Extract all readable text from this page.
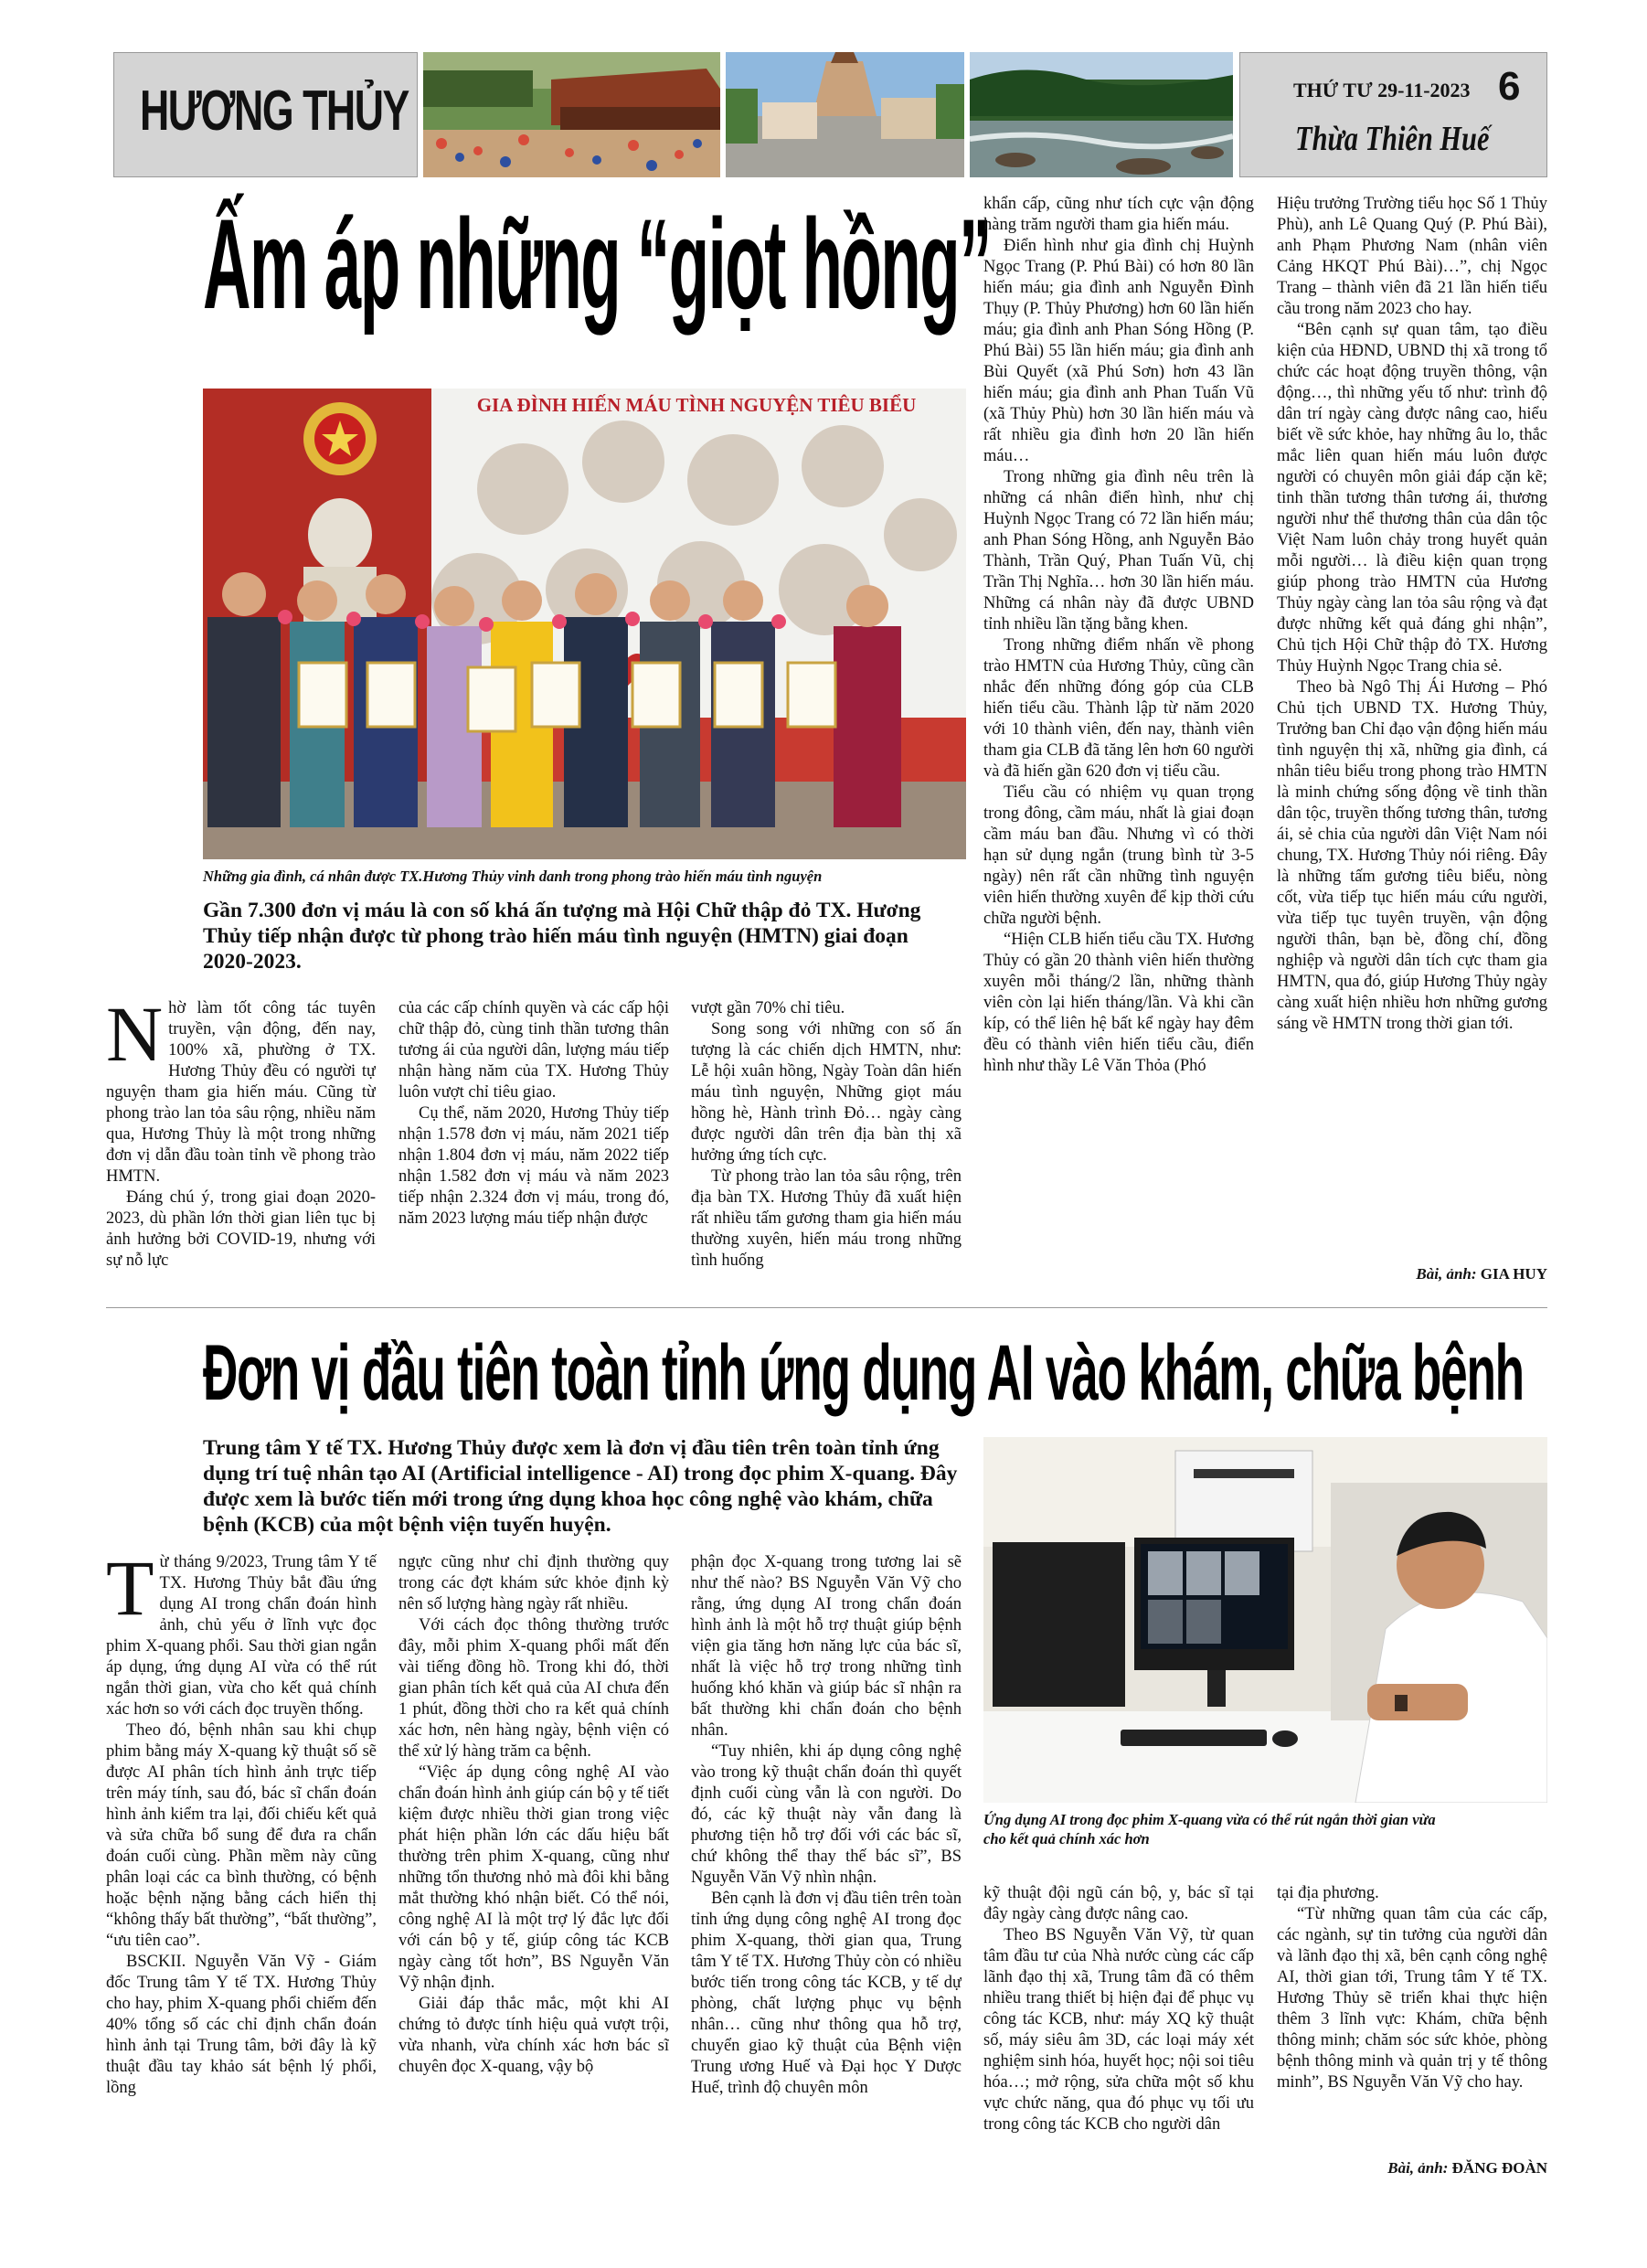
HƯƠNG THỦY	THỨ TƯ 29-11-2023 6
Thừa Thiên Huế
Ấm áp những “giọt hồng”
GIA ĐÌNH HIẾN MÁU TÌNH NGUYỆN TIÊU BIỂU
Những gia đình, cá nhân được TX.Hương Thủy vinh danh trong phong trào hiến máu tình nguyện
Gần 7.300 đơn vị máu là con số khá ấn tượng mà Hội Chữ thập đỏ TX. Hương Thủy tiếp nhận được từ phong trào hiến máu tình nguyện (HMTN) giai đoạn 2020-2023.
N hờ làm tốt công tác tuyên truyền, vận động, đến nay, 100% xã, phường ở TX. Hương Thủy đều có người tự nguyện tham gia hiến máu. Cũng từ phong trào lan tỏa sâu rộng, nhiều năm qua, Hương Thủy là một trong những đơn vị dẫn đầu toàn tỉnh về phong trào HMTN.

Đáng chú ý, trong giai đoạn 2020-2023, dù phần lớn thời gian liên tục bị ảnh hưởng bởi COVID-19, nhưng với sự nỗ lực

của các cấp chính quyền và các cấp hội chữ thập đỏ, cùng tinh thần tương thân tương ái của người dân, lượng máu tiếp nhận hàng năm của TX. Hương Thủy luôn vượt chỉ tiêu giao.

Cụ thể, năm 2020, Hương Thủy tiếp nhận 1.578 đơn vị máu, năm 2021 tiếp nhận 1.804 đơn vị máu, năm 2022 tiếp nhận 1.582 đơn vị máu và năm 2023 tiếp nhận 2.324 đơn vị máu, trong đó, năm 2023 lượng máu tiếp nhận được

vượt gần 70% chỉ tiêu.

Song song với những con số ấn tượng là các chiến dịch HMTN, như: Lễ hội xuân hồng, Ngày Toàn dân hiến máu tình nguyện, Những giọt máu hồng hè, Hành trình Đỏ… ngày càng được người dân trên địa bàn thị xã hưởng ứng tích cực.

Từ phong trào lan tỏa sâu rộng, trên địa bàn TX. Hương Thủy đã xuất hiện rất nhiều tấm gương tham gia hiến máu thường xuyên, hiến máu trong những tình huống

khẩn cấp, cũng như tích cực vận động hàng trăm người tham gia hiến máu.

Điển hình như gia đình chị Huỳnh Ngọc Trang (P. Phú Bài) có hơn 80 lần hiến máu; gia đình anh Nguyễn Đình Thụy (P. Thủy Phương) hơn 60 lần hiến máu; gia đình anh Phan Sóng Hồng (P. Phú Bài) 55 lần hiến máu; gia đình anh Bùi Quyết (xã Phú Sơn) hơn 43 lần hiến máu; gia đình anh Phan Tuấn Vũ (xã Thủy Phù) hơn 30 lần hiến máu và rất nhiều gia đình hơn 20 lần hiến máu…

Trong những gia đình nêu trên là những cá nhân điển hình, như chị Huỳnh Ngọc Trang có 72 lần hiến máu; anh Phan Sóng Hồng, anh Nguyễn Bảo Thành, Trần Quý, Phan Tuấn Vũ, chị Trần Thị Nghĩa… hơn 30 lần hiến máu. Những cá nhân này đã được UBND tỉnh nhiều lần tặng bằng khen.

Trong những điểm nhấn về phong trào HMTN của Hương Thủy, cũng cần nhắc đến những đóng góp của CLB hiến tiểu cầu. Thành lập từ năm 2020 với 10 thành viên, đến nay, thành viên tham gia CLB đã tăng lên hơn 60 người và đã hiến gần 620 đơn vị tiểu cầu.

Tiểu cầu có nhiệm vụ quan trọng trong đông, cầm máu, nhất là giai đoạn cầm máu ban đầu. Nhưng vì có thời hạn sử dụng ngắn (trung bình từ 3-5 ngày) nên rất cần những tình nguyện viên hiến thường xuyên để kịp thời cứu chữa người bệnh.

“Hiện CLB hiến tiểu cầu TX. Hương Thủy có gần 20 thành viên hiến thường xuyên mỗi tháng/2 lần, những thành viên còn lại hiến tháng/lần. Và khi cần kíp, có thể liên hệ bất kể ngày hay đêm đều có thành viên hiến tiểu cầu, điển hình như thầy Lê Văn Thỏa (Phó

Hiệu trưởng Trường tiểu học Số 1 Thủy Phù), anh Lê Quang Quý (P. Phú Bài), anh Phạm Phương Nam (nhân viên Cảng HKQT Phú Bài)…”, chị Ngọc Trang – thành viên đã 21 lần hiến tiểu cầu trong năm 2023 cho hay.

“Bên cạnh sự quan tâm, tạo điều kiện của HĐND, UBND thị xã trong tổ chức các hoạt động truyền thông, vận động…, thì những yếu tố như: trình độ dân trí ngày càng được nâng cao, hiểu biết về sức khỏe, hay những âu lo, thắc mắc liên quan hiến máu luôn được người có chuyên môn giải đáp cặn kẽ; tinh thần tương thân tương ái, thương người như thể thương thân của dân tộc Việt Nam luôn chảy trong huyết quản mỗi người… là điều kiện quan trọng giúp phong trào HMTN của Hương Thủy ngày càng lan tỏa sâu rộng và đạt được những kết quả đáng ghi nhận”, Chủ tịch Hội Chữ thập đỏ TX. Hương Thủy Huỳnh Ngọc Trang chia sẻ.

Theo bà Ngô Thị Ái Hương – Phó Chủ tịch UBND TX. Hương Thủy, Trưởng ban Chỉ đạo vận động hiến máu tình nguyện thị xã, những gia đình, cá nhân tiêu biểu trong phong trào HMTN là minh chứng sống động về tinh thần dân tộc, truyền thống tương thân, tương ái, sẻ chia của người dân Việt Nam nói chung, TX. Hương Thủy nói riêng. Đây là những tấm gương tiêu biểu, nòng cốt, vừa tiếp tục hiến máu cứu người, vừa tiếp tục tuyên truyền, vận động người thân, bạn bè, đồng chí, đồng nghiệp và người dân tích cực tham gia HMTN, qua đó, giúp Hương Thủy ngày càng xuất hiện nhiều hơn những gương sáng về HMTN trong thời gian tới.

Bài, ảnh: GIA HUY
Đơn vị đầu tiên toàn tỉnh ứng dụng AI vào khám, chữa bệnh
Trung tâm Y tế TX. Hương Thủy được xem là đơn vị đầu tiên trên toàn tỉnh ứng dụng trí tuệ nhân tạo AI (Artificial intelligence - AI) trong đọc phim X-quang. Đây được xem là bước tiến mới trong ứng dụng khoa học công nghệ vào khám, chữa bệnh (KCB) của một bệnh viện tuyến huyện.
Ứng dụng AI trong đọc phim X-quang vừa có thể rút ngắn thời gian vừa cho kết quả chính xác hơn
T ừ tháng 9/2023, Trung tâm Y tế TX. Hương Thủy bắt đầu ứng dụng AI trong chẩn đoán hình ảnh, chủ yếu ở lĩnh vực đọc phim X-quang phổi. Sau thời gian ngắn áp dụng, ứng dụng AI vừa có thể rút ngắn thời gian, vừa cho kết quả chính xác hơn so với cách đọc truyền thống.

Theo đó, bệnh nhân sau khi chụp phim bằng máy X-quang kỹ thuật số sẽ được AI phân tích hình ảnh trực tiếp trên máy tính, sau đó, bác sĩ chẩn đoán hình ảnh kiểm tra lại, đối chiếu kết quả và sửa chữa bổ sung để đưa ra chẩn đoán cuối cùng. Phần mềm này cũng phân loại các ca bình thường, có bệnh hoặc bệnh nặng bằng cách hiển thị “không thấy bất thường”, “bất thường”, “ưu tiên cao”.

BSCKII. Nguyễn Văn Vỹ - Giám đốc Trung tâm Y tế TX. Hương Thủy cho hay, phim X-quang phổi chiếm đến 40% tổng số các chỉ định chẩn đoán hình ảnh tại Trung tâm, bởi đây là kỹ thuật đầu tay khảo sát bệnh lý phổi, lồng

ngực cũng như chỉ định thường quy trong các đợt khám sức khỏe định kỳ nên số lượng hàng ngày rất nhiều.

Với cách đọc thông thường trước đây, mỗi phim X-quang phổi mất đến vài tiếng đồng hồ. Trong khi đó, thời gian phân tích kết quả của AI chưa đến 1 phút, đồng thời cho ra kết quả chính xác hơn, nên hàng ngày, bệnh viện có thể xử lý hàng trăm ca bệnh.

“Việc áp dụng công nghệ AI vào chẩn đoán hình ảnh giúp cán bộ y tế tiết kiệm được nhiều thời gian trong việc phát hiện phần lớn các dấu hiệu bất thường trên phim X-quang, cũng như những tổn thương nhỏ mà đôi khi bằng mắt thường khó nhận biết. Có thể nói, công nghệ AI là một trợ lý đắc lực đối với cán bộ y tế, giúp công tác KCB ngày càng tốt hơn”, BS Nguyễn Văn Vỹ nhận định.

Giải đáp thắc mắc, một khi AI chứng tỏ được tính hiệu quả vượt trội, vừa nhanh, vừa chính xác hơn bác sĩ chuyên đọc X-quang, vậy bộ

phận đọc X-quang trong tương lai sẽ như thế nào? BS Nguyễn Văn Vỹ cho rằng, ứng dụng AI trong chẩn đoán hình ảnh là một hỗ trợ thuật giúp bệnh viện gia tăng hơn năng lực của bác sĩ, nhất là việc hỗ trợ trong những tình huống khó khăn và giúp bác sĩ nhận ra bất thường khi chẩn đoán cho bệnh nhân.

“Tuy nhiên, khi áp dụng công nghệ vào trong kỹ thuật chẩn đoán thì quyết định cuối cùng vẫn là con người. Do đó, các kỹ thuật này vẫn đang là phương tiện hỗ trợ đối với các bác sĩ, chứ không thể thay thế bác sĩ”, BS Nguyễn Văn Vỹ nhìn nhận.

Bên cạnh là đơn vị đầu tiên trên toàn tỉnh ứng dụng công nghệ AI trong đọc phim X-quang, thời gian qua, Trung tâm Y tế TX. Hương Thủy còn có nhiều bước tiến trong công tác KCB, y tế dự phòng, chất lượng phục vụ bệnh nhân… cũng như thông qua hỗ trợ, chuyển giao kỹ thuật của Bệnh viện Trung ương Huế và Đại học Y Dược Huế, trình độ chuyên môn

kỹ thuật đội ngũ cán bộ, y, bác sĩ tại đây ngày càng được nâng cao.

Theo BS Nguyễn Văn Vỹ, từ quan tâm đầu tư của Nhà nước cùng các cấp lãnh đạo thị xã, Trung tâm đã có thêm nhiều trang thiết bị hiện đại để phục vụ công tác KCB, như: máy XQ kỹ thuật số, máy siêu âm 3D, các loại máy xét nghiệm sinh hóa, huyết học; nội soi tiêu hóa…; mở rộng, sửa chữa một số khu vực chức năng, qua đó phục vụ tối ưu trong công tác KCB cho người dân

tại địa phương.

“Từ những quan tâm của các cấp, các ngành, sự tin tưởng của người dân và lãnh đạo thị xã, bên cạnh công nghệ AI, thời gian tới, Trung tâm Y tế TX. Hương Thủy sẽ triển khai thực hiện thêm 3 lĩnh vực: Khám, chữa bệnh thông minh; chăm sóc sức khỏe, phòng bệnh thông minh và quản trị y tế thông minh”, BS Nguyễn Văn Vỹ cho hay.

Bài, ảnh: ĐĂNG ĐOÀN
